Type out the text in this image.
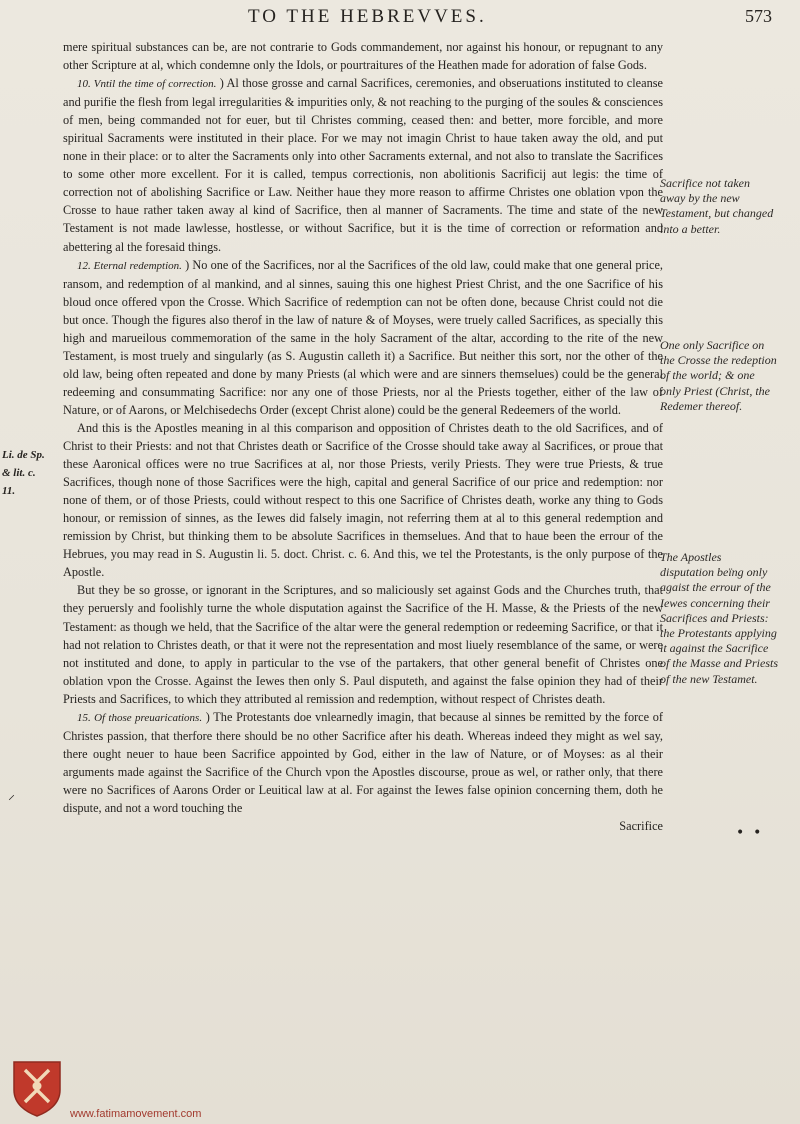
TO THE HEBREVVES.	573

mere spiritual substances can be, are not contrarie to Gods commandement, nor against his honour, or repugnant to any other Scripture at al, which condemne only the Idols, or pourtraitures of the Heathen made for adoration of false Gods.

10. Vntil the time of correction. ) Al those grosse and carnal Sacrifices, ceremonies, and obseruations instituted to cleanse and purifie the flesh from legal irregularities & impurities only, & not reaching to the purging of the soules & consciences of men, being commanded not for euer, but til Christes comming, ceased then: and better, more forcible, and more spiritual Sacraments were instituted in their place. For we may not imagin Christ to haue taken away the old, and put none in their place: or to alter the Sacraments only into other Sacraments external, and not also to translate the Sacrifices to some other more excellent. For it is called, tempus correctionis, non abolitionis Sacrificij aut legis: the time of correction not of abolishing Sacrifice or Law. Neither haue they more reason to affirme Christes one oblation vpon the Crosse to haue rather taken away al kind of Sacrifice, then al manner of Sacraments. The time and state of the new Testament is not made lawlesse, hostlesse, or without Sacrifice, but it is the time of correction or reformation and abettering al the foresaid things.

12. Eternal redemption. ) No one of the Sacrifices, nor al the Sacrifices of the old law, could make that one general price, ransom, and redemption of al mankind, and al sinnes, sauing this one highest Priest Christ, and the one Sacrifice of his bloud once offered vpon the Crosse. Which Sacrifice of redemption can not be often done, because Christ could not die but once. Though the figures also therof in the law of nature & of Moyses, were truely called Sacrifices, as specially this high and marueilous commemoration of the same in the holy Sacrament of the altar, according to the rite of the new Testament, is most truely and singularly (as S. Augustin calleth it) a Sacrifice. But neither this sort, nor the other of the old law, being often repeated and done by many Priests (al which were and are sinners themselues) could be the general redeeming and consummating Sacrifice: nor any one of those Priests, nor al the Priests together, either of the law of Nature, or of Aarons, or Melchisedechs Order (except Christ alone) could be the general Redeemers of the world.

And this is the Apostles meaning in al this comparison and opposition of Christes death to the old Sacrifices, and of Christ to their Priests: and not that Christes death or Sacrifice of the Crosse should take away al Sacrifices, or proue that these Aaronical offices were no true Sacrifices at al, nor those Priests, verily Priests. They were true Priests, & true Sacrifices, though none of those Sacrifices were the high, capital and general Sacrifice of our price and redemption: nor none of them, or of those Priests, could without respect to this one Sacrifice of Christes death, worke any thing to Gods honour, or remission of sinnes, as the Iewes did falsely imagin, not referring them at al to this general redemption and remission by Christ, but thinking them to be absolute Sacrifices in themselues. And that to haue been the errour of the Hebrues, you may read in S. Augustin li. 5. doct. Christ. c. 6. And this, we tel the Protestants, is the only purpose of the Apostle.

But they be so grosse, or ignorant in the Scriptures, and so maliciously set against Gods and the Churches truth, that they peruersly and foolishly turne the whole disputation against the Sacrifice of the H. Masse, & the Priests of the new Testament: as though we held, that the Sacrifice of the altar were the general redemption or redeeming Sacrifice, or that it had not relation to Christes death, or that it were not the representation and most liuely resemblance of the same, or were not instituted and done, to apply in particular to the vse of the partakers, that other general benefit of Christes one oblation vpon the Crosse. Against the Iewes then only S. Paul disputeth, and against the false opinion they had of their Priests and Sacrifices, to which they attributed al remission and redemption, without respect of Christes death.

15. Of those preuarications. ) The Protestants doe vnlearnedly imagin, that because al sinnes be remitted by the force of Christes passion, that therfore there should be no other Sacrifice after his death. Whereas indeed they might as wel say, there ought neuer to haue been Sacrifice appointed by God, either in the law of Nature, or of Moyses: as al their arguments made against the Sacrifice of the Church vpon the Apostles discourse, proue as wel, or rather only, that there were no Sacrifices of Aarons Order or Leuitical law at al. For against the Iewes false opinion concerning them, doth he dispute, and not a word touching the

Sacrifice

Sacrifice not taken away by the new Testament, but changed into a better.
One only Sacrifice on the Crosse the redeption of the world; & one only Priest (Christ, the Redemer thereof.
The Apostles disputation beïng only agaist the errour of the Iewes concerning their Sacrifices and Priests: the Protestants applying it against the Sacrifice of the Masse and Priests of the new Testamet.
Li. de Sp.
& lit. c.
11.
⸝
•  •
www.fatimamovement.com
